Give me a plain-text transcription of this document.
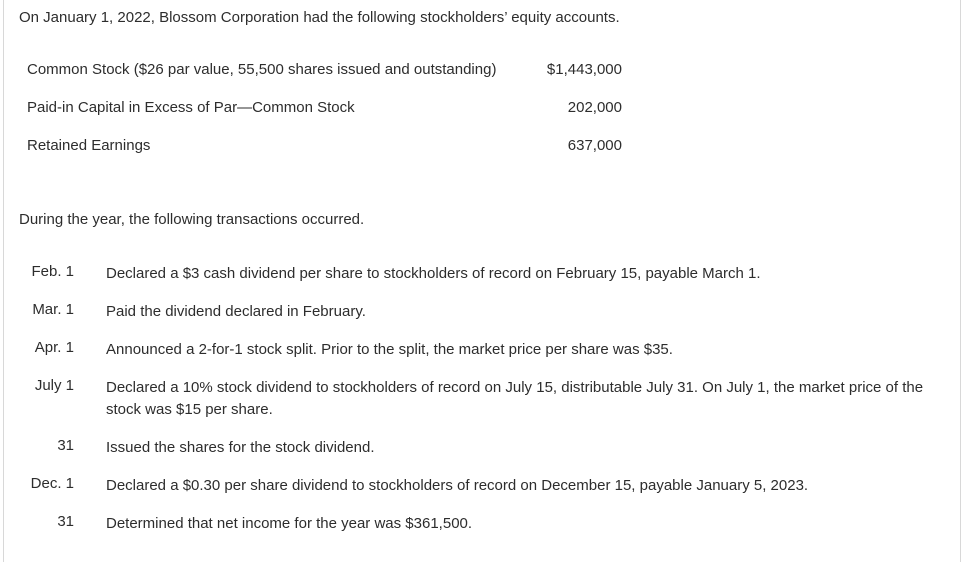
On January 1, 2022, Blossom Corporation had the following stockholders’ equity accounts.
Common Stock ($26 par value, 55,500 shares issued and outstanding)	$1,443,000
Paid-in Capital in Excess of Par—Common Stock	202,000
Retained Earnings	637,000
During the year, the following transactions occurred.
Feb. 1 Declared a $3 cash dividend per share to stockholders of record on February 15, payable March 1.
Mar. 1 Paid the dividend declared in February.
Apr. 1 Announced a 2-for-1 stock split. Prior to the split, the market price per share was $35.
July 1 Declared a 10% stock dividend to stockholders of record on July 15, distributable July 31. On July 1, the market price of the stock was $15 per share.
31 Issued the shares for the stock dividend.
Dec. 1 Declared a $0.30 per share dividend to stockholders of record on December 15, payable January 5, 2023.
31 Determined that net income for the year was $361,500.
